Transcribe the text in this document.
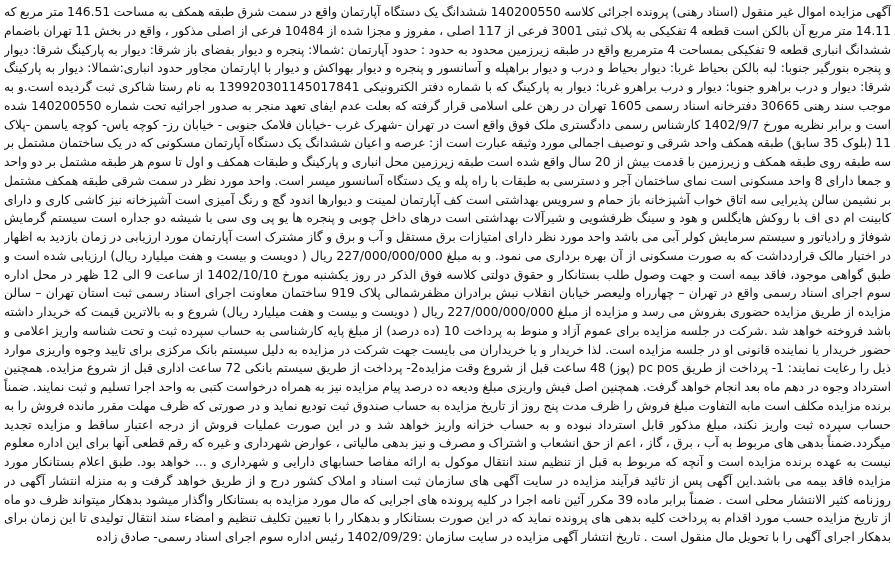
آگهی مزایده اموال غیر منقول (اسناد رهنی) پرونده اجرائی کلاسه 140200550 ششدانگ یک دستگاه آپارتمان واقع در سمت شرق طبقه همکف به مساحت 146.51 متر مربع که 14.11 متر مربع آن بالکن است قطعه 4 تفکیکی به پلاک ثبتی 3001 فرعی از 117 اصلی ، مفروز و مجزا شده از 10484 فرعی از اصلی مذکور ، واقع در بخش 11 تهران باضمام ششدانگ انباری قطعه 9 تفکیکی بمساحت 4 مترمربع واقع در طبقه زیرزمین محدود به حدود : حدود آپارتمان :شمالا: پنجره و دیوار بفضای باز شرقا: دیوار به پارکینگ شرقا: دیوار و پنجره بنورگیر جنوبا: لبه بالکن بحیاط غربا: دیوار بحیاط و درب و دیوار براهپله و آسانسور و پنجره و دیوار بهواکش و دیوار با اپارتمان مجاور حدود انباری:شمالا: دیوار به پارکینگ شرقا: دیوار و درب براهرو جنوبا: دیوار و درب براهرو غربا: دیوار به پارکینگ که با شماره دفتر الکترونیکی 139920301145017841 به نام رستا شاکری ثبت گردیده است.و به موجب سند رهنی 30665 دفترخانه اسناد رسمی 1605 تهران در رهن علی اسلامی قرار گرفته که بعلت عدم ایفای تعهد منجر به صدور اجرائیه تحت شماره 140200550 شده است و برابر نظریه مورخ 1402/9/7 کارشناس رسمی دادگستری ملک فوق واقع است در تهران -شهرک غرب -خیابان فلامک جنوبی - خیابان رز- کوچه یاس- کوچه یاسمن -پلاک 11 (بلوک 35 سابق) طبقه همکف واحد شرقی و توصیف اجمالی مورد وثیقه عبارت است از: عرصه و اعیان ششدانگ یک دستگاه آپارتمان مسکونی که در یک ساختمان مشتمل بر سه طبقه روی طبقه همکف و زیرزمین با قدمت بیش از 20 سال واقع شده است طبقه زیرزمین محل انباری و پارکینگ و طبقات همکف و اول تا سوم هر طبقه مشتمل بر دو واحد و جمعا دارای 8 واحد مسکونی است نمای ساختمان آجر و دسترسی به طبقات با راه پله و یک دستگاه آسانسور میسر است. واحد مورد نظر در سمت شرقی طبقه همکف مشتمل بر نشیمن سالن پذیرایی سه اتاق خواب آشپزخانه باز حمام و سرویس بهداشتی است کف آپارتمان لمینت و دیوارها اندود گچ و رنگ آمیزی است آشپزخانه نیز کاشی کاری و دارای کابینت ام دی اف با روکش هایگلس و هود و سینگ ظرفشویی و شیرآلات بهداشتی است درهای داخل چوبی و پنجره ها یو پی وی سی با شیشه دو جداره است سیستم گرمایش شوفاژ و رادیاتور و سیستم سرمایش کولر آبی می باشد واحد مورد نظر دارای امتیازات برق مستقل و آب و برق و گاز مشترک است آپارتمان مورد ارزیابی در زمان بازدید به اظهار در اختیار مالک قراردداشت که به صورت مسکونی از آن بهره برداری می نمود. و به مبلغ 227/000/000/000 ریال ( دویست و بیست و هفت میلیارد ریال) ارزیابی شده است و طبق گواهی موجود، فاقد بیمه است و جهت وصول طلب بستانکار و حقوق دولتی کلاسه فوق الذکر در روز یکشنبه مورخ 1402/10/10 از ساعت 9 الی 12 ظهر در محل اداره سوم اجرای اسناد رسمی واقع در تهران – چهارراه ولیعصر خیابان انقلاب نبش برادران مظفرشمالی پلاک 919 ساختمان معاونت اجرای اسناد رسمی ثبت استان تهران – سالن مزایده از طریق مزایده حضوری بفروش می رسد و مزایده از مبلغ 227/000/000/000 ریال ( دویست و بیست و هفت میلیارد ریال) شروع و به بالاترین قیمت که خریدار داشته باشد فروخته خواهد شد .شرکت در جلسه مزایده برای عموم آزاد و منوط به پرداخت 10 (ده درصد) از مبلغ پایه کارشناسی به حساب سپرده ثبت و تحت شناسه واریز اعلامی و حضور خریدار یا نماینده قانونی او در جلسه مزایده است. لذا خریدار و یا خریداران می بایست جهت شرکت در مزایده به دلیل سیستم بانک مرکزی برای تایید وجوه واریزی موارد ذیل را رعایت نمایند: 1- پرداخت از طریق pc pos (پوز) 48 ساعت قبل از شروع وقت مزایده2- پرداخت از طریق سیستم بانکی 72 ساعت اداری قبل از شروع مزایده. همچنین استرداد وجوه در دهم ماه بعد انجام خواهد گرفت. همچنین اصل فیش واریزی مبلغ ودیعه ده درصد پیام مزایده نیز به همراه درخواست کتبی به واحد اجرا تسلیم و ثبت نمایند. ضمناً برنده مزایده مکلف است مابه التفاوت مبلغ فروش را ظرف مدت پنج روز از تاریخ مزایده به حساب صندوق ثبت تودیع نماید و در صورتی که ظرف مهلت مقرر مانده فروش را به حساب سپرده ثبت واریز نکند، مبلغ مذکور قابل استرداد نبوده و به حساب خزانه واریز خواهد شد و در این صورت عملیات فروش از درجه اعتبار ساقط و مزایده تجدید میگردد.ضمناً بدهی های مربوط به آب ، برق ، گاز ، اعم از حق انشعاب و اشتراک و مصرف و نیز بدهی مالیاتی ، عوارض شهرداری و غیره که رقم قطعی آنها برای این اداره معلوم نیست به عهده برنده مزایده است و آنچه که مربوط به قبل از تنظیم سند انتقال موکول به ارائه مفاصا حسابهای دارایی و شهرداری و ... خواهد بود. طبق اعلام بستانکار مورد مزایده فاقد بیمه می باشد.این آگهی پس از تائید فرآیند مزایده در سایت آگهی های سازمان ثبت اسناد و املاک کشور درج و از طریق خواهد گرفت و به منزله انتشار آگهی در روزنامه کثیر الانتشار محلی است . ضمناً برابر ماده 39 مکرر آئین نامه اجرا در کلیه پرونده های اجرایی که مال مورد مزایده به بستانکار واگذار میشود بدهکار میتواند ظرف دو ماه از تاریخ مزایده حسب مورد اقدام به پرداخت کلیه بدهی های پرونده نماید که در این صورت بستانکار و بدهکار را با تعیین تکلیف تنظیم و امضاء سند انتقال تولیدی تا این زمان برای بدهکار اجرای آگهی را با تحویل مال منقول است . تاریخ انتشار آگهی مزایده در سایت سازمان :1402/09/29 رئیس اداره سوم اجرای اسناد رسمی- صادق زاده
